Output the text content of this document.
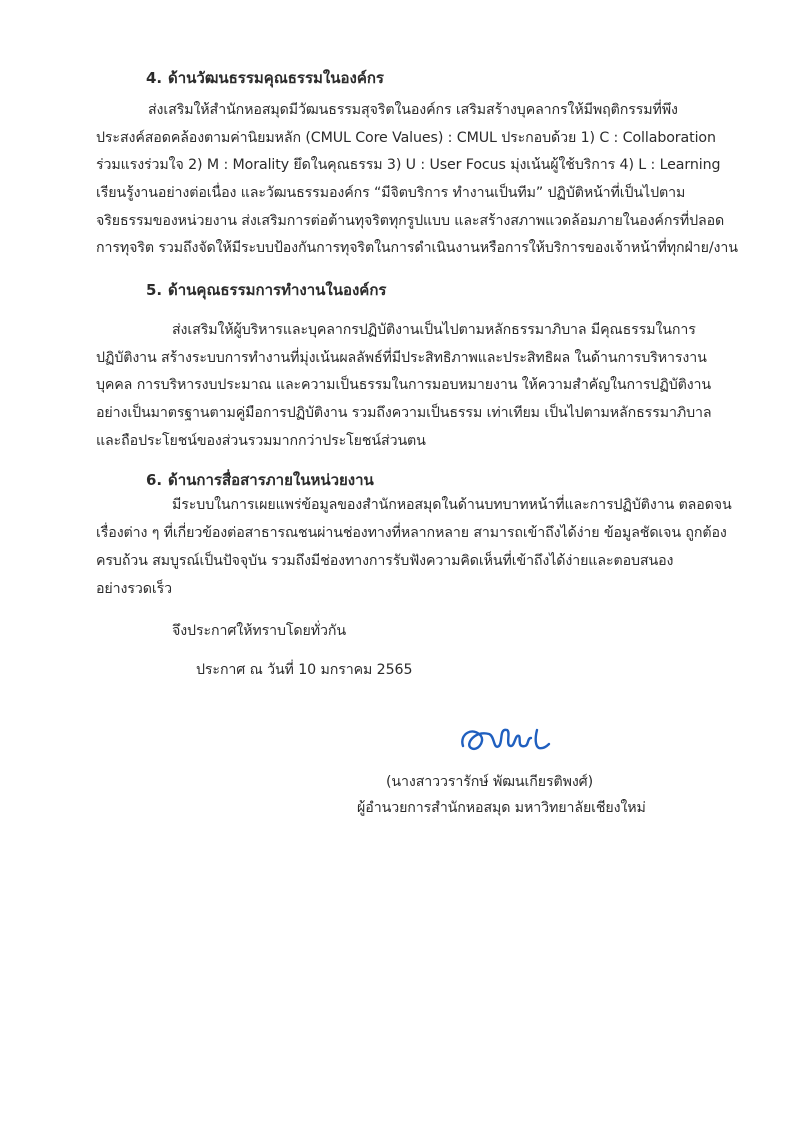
4. ด้านวัฒนธรรมคุณธรรมในองค์กร
ส่งเสริมให้สำนักหอสมุดมีวัฒนธรรมสุจริตในองค์กร เสริมสร้างบุคลากรให้มีพฤติกรรมที่พึง
ประสงค์สอดคล้องตามค่านิยมหลัก (CMUL Core Values) : CMUL ประกอบด้วย 1) C : Collaboration
ร่วมแรงร่วมใจ 2) M : Morality ยึดในคุณธรรม 3) U : User Focus มุ่งเน้นผู้ใช้บริการ 4) L : Learning
เรียนรู้งานอย่างต่อเนื่อง และวัฒนธรรมองค์กร “มีจิตบริการ ทำงานเป็นทีม” ปฏิบัติหน้าที่เป็นไปตาม
จริยธรรมของหน่วยงาน ส่งเสริมการต่อต้านทุจริตทุกรูปแบบ และสร้างสภาพแวดล้อมภายในองค์กรที่ปลอด
การทุจริต รวมถึงจัดให้มีระบบป้องกันการทุจริตในการดำเนินงานหรือการให้บริการของเจ้าหน้าที่ทุกฝ่าย/งาน
5. ด้านคุณธรรมการทำงานในองค์กร
ส่งเสริมให้ผู้บริหารและบุคลากรปฏิบัติงานเป็นไปตามหลักธรรมาภิบาล มีคุณธรรมในการ
ปฏิบัติงาน สร้างระบบการทำงานที่มุ่งเน้นผลลัพธ์ที่มีประสิทธิภาพและประสิทธิผล ในด้านการบริหารงาน
บุคคล การบริหารงบประมาณ และความเป็นธรรมในการมอบหมายงาน ให้ความสำคัญในการปฏิบัติงาน
อย่างเป็นมาตรฐานตามคู่มือการปฏิบัติงาน รวมถึงความเป็นธรรม เท่าเทียม เป็นไปตามหลักธรรมาภิบาล
และถือประโยชน์ของส่วนรวมมากกว่าประโยชน์ส่วนตน
6. ด้านการสื่อสารภายในหน่วยงาน
มีระบบในการเผยแพร่ข้อมูลของสำนักหอสมุดในด้านบทบาทหน้าที่และการปฏิบัติงาน ตลอดจน
เรื่องต่าง ๆ ที่เกี่ยวข้องต่อสาธารณชนผ่านช่องทางที่หลากหลาย สามารถเข้าถึงได้ง่าย ข้อมูลชัดเจน ถูกต้อง
ครบถ้วน สมบูรณ์เป็นปัจจุบัน รวมถึงมีช่องทางการรับฟังความคิดเห็นที่เข้าถึงได้ง่ายและตอบสนอง
อย่างรวดเร็ว
จึงประกาศให้ทราบโดยทั่วกัน
ประกาศ ณ วันที่ 10 มกราคม 2565
(นางสาววรารักษ์ พัฒนเกียรติพงศ์)
ผู้อำนวยการสำนักหอสมุด มหาวิทยาลัยเชียงใหม่
